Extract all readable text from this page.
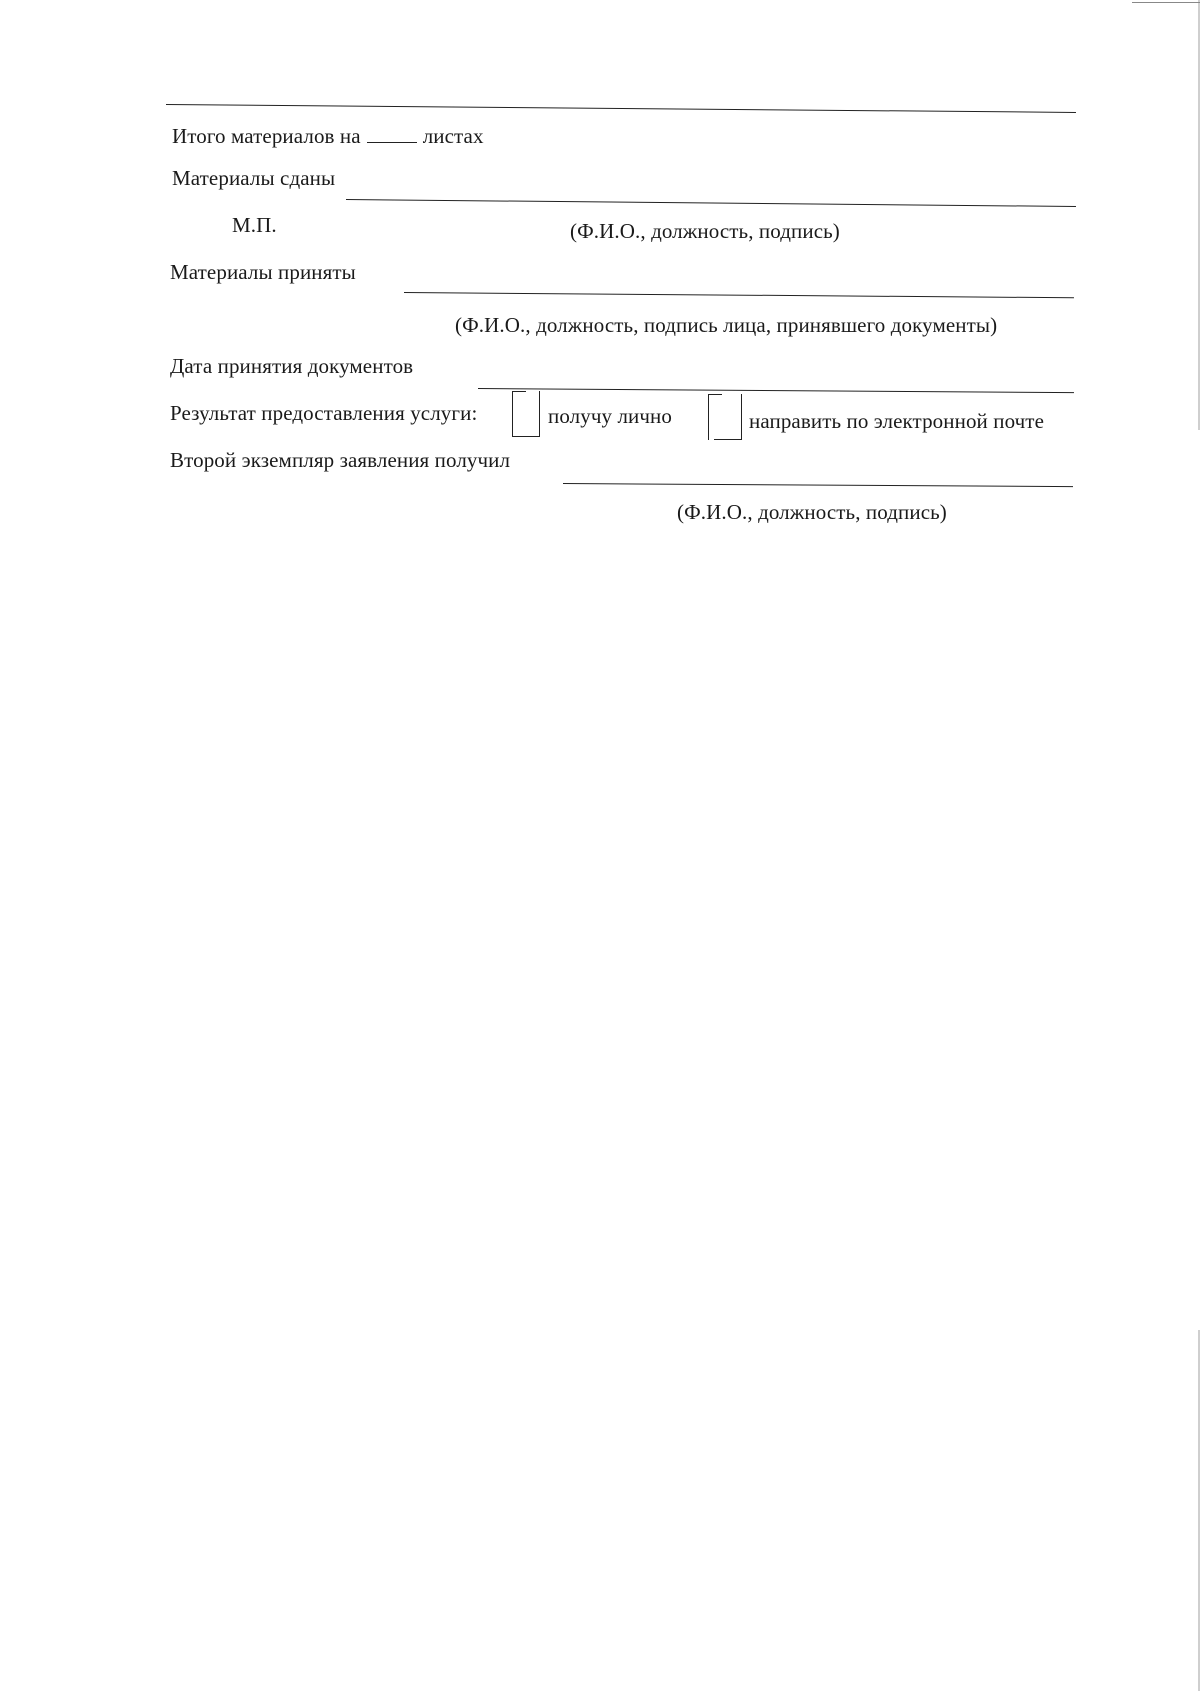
Итого материалов на	листах
Материалы сданы
М.П.	(Ф.И.О., должность, подпись)
Материалы приняты
(Ф.И.О., должность, подпись лица, принявшего документы)
Дата принятия документов
Результат предоставления услуги:	получу лично	направить по электронной почте
Второй экземпляр заявления получил
(Ф.И.О., должность, подпись)
